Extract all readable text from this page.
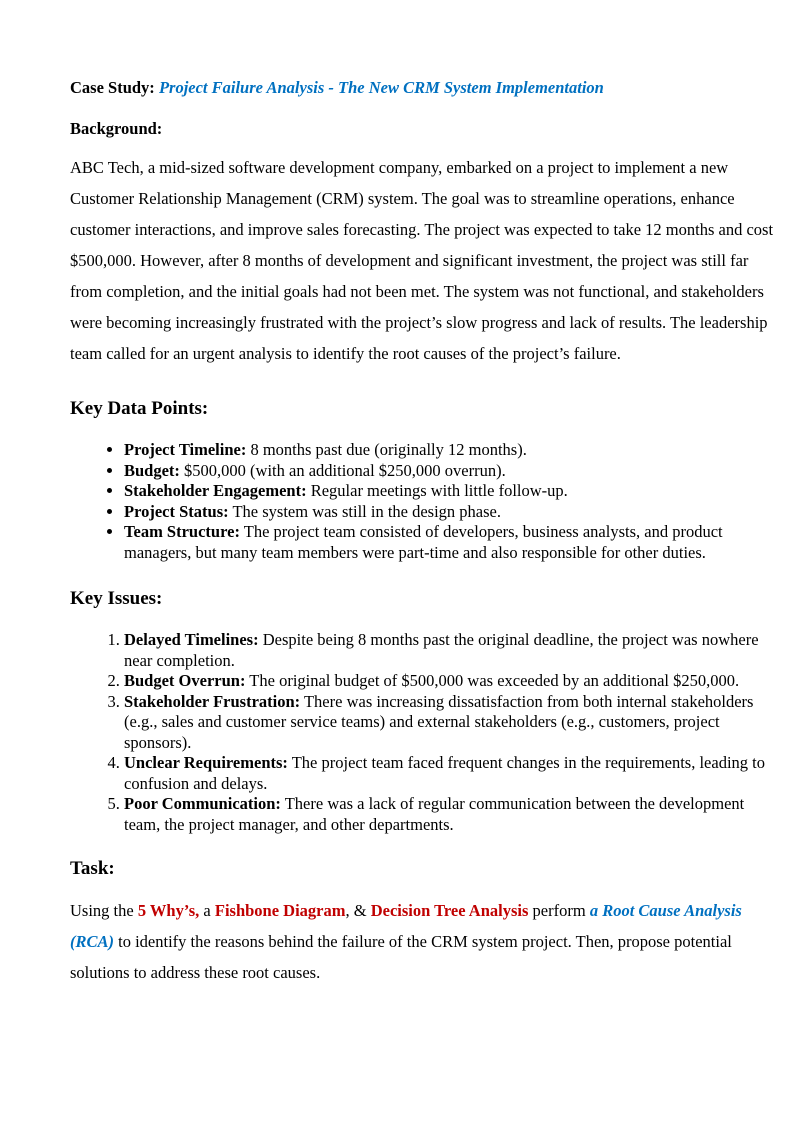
Case Study: Project Failure Analysis - The New CRM System Implementation

Background:

ABC Tech, a mid-sized software development company, embarked on a project to implement a new Customer Relationship Management (CRM) system. The goal was to streamline operations, enhance customer interactions, and improve sales forecasting. The project was expected to take 12 months and cost $500,000. However, after 8 months of development and significant investment, the project was still far from completion, and the initial goals had not been met. The system was not functional, and stakeholders were becoming increasingly frustrated with the project’s slow progress and lack of results. The leadership team called for an urgent analysis to identify the root causes of the project’s failure.

Key Data Points:
• Project Timeline: 8 months past due (originally 12 months).
• Budget: $500,000 (with an additional $250,000 overrun).
• Stakeholder Engagement: Regular meetings with little follow-up.
• Project Status: The system was still in the design phase.
• Team Structure: The project team consisted of developers, business analysts, and product managers, but many team members were part-time and also responsible for other duties.
Key Issues:
1. Delayed Timelines: Despite being 8 months past the original deadline, the project was nowhere near completion.
2. Budget Overrun: The original budget of $500,000 was exceeded by an additional $250,000.
3. Stakeholder Frustration: There was increasing dissatisfaction from both internal stakeholders (e.g., sales and customer service teams) and external stakeholders (e.g., customers, project sponsors).
4. Unclear Requirements: The project team faced frequent changes in the requirements, leading to confusion and delays.
5. Poor Communication: There was a lack of regular communication between the development team, the project manager, and other departments.
Task:

Using the 5 Why’s, a Fishbone Diagram, & Decision Tree Analysis perform a Root Cause Analysis (RCA) to identify the reasons behind the failure of the CRM system project. Then, propose potential solutions to address these root causes.
